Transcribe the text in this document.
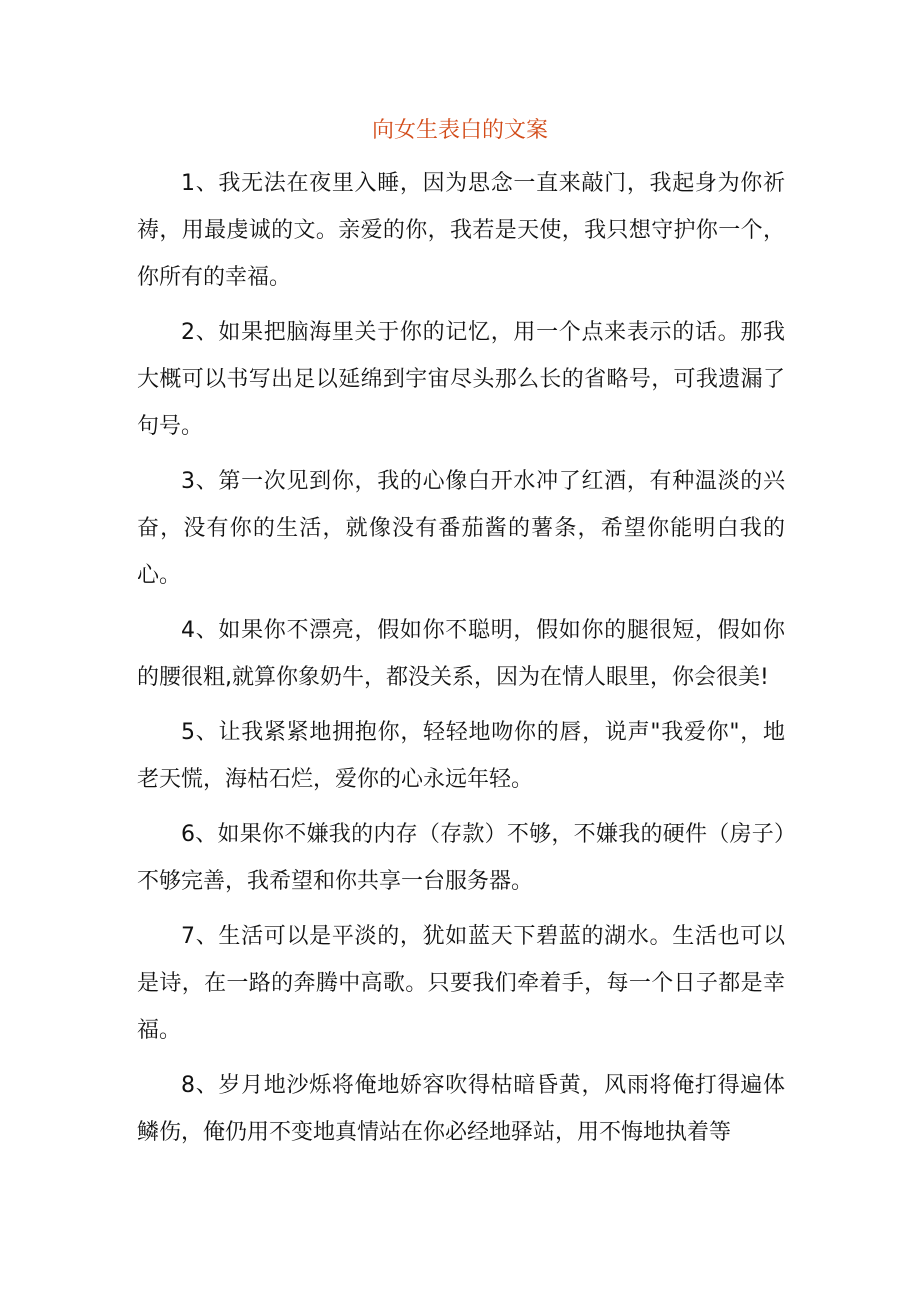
向女生表白的文案

1、我无法在夜里入睡，因为思念一直来敲门，我起身为你祈祷，用最虔诚的文。亲爱的你，我若是天使，我只想守护你一个，你所有的幸福。

2、如果把脑海里关于你的记忆，用一个点来表示的话。那我大概可以书写出足以延绵到宇宙尽头那么长的省略号，可我遗漏了句号。

3、第一次见到你，我的心像白开水冲了红酒，有种温淡的兴奋，没有你的生活，就像没有番茄酱的薯条，希望你能明白我的心。

4、如果你不漂亮，假如你不聪明，假如你的腿很短，假如你的腰很粗,就算你象奶牛，都没关系，因为在情人眼里，你会很美!

5、让我紧紧地拥抱你，轻轻地吻你的唇，说声"我爱你"，地老天慌，海枯石烂，爱你的心永远年轻。

6、如果你不嫌我的内存（存款）不够，不嫌我的硬件（房子）不够完善，我希望和你共享一台服务器。

7、生活可以是平淡的，犹如蓝天下碧蓝的湖水。生活也可以是诗，在一路的奔腾中高歌。只要我们牵着手，每一个日子都是幸福。

8、岁月地沙烁将俺地娇容吹得枯暗昏黄，风雨将俺打得遍体鳞伤，俺仍用不变地真情站在你必经地驿站，用不悔地执着等
